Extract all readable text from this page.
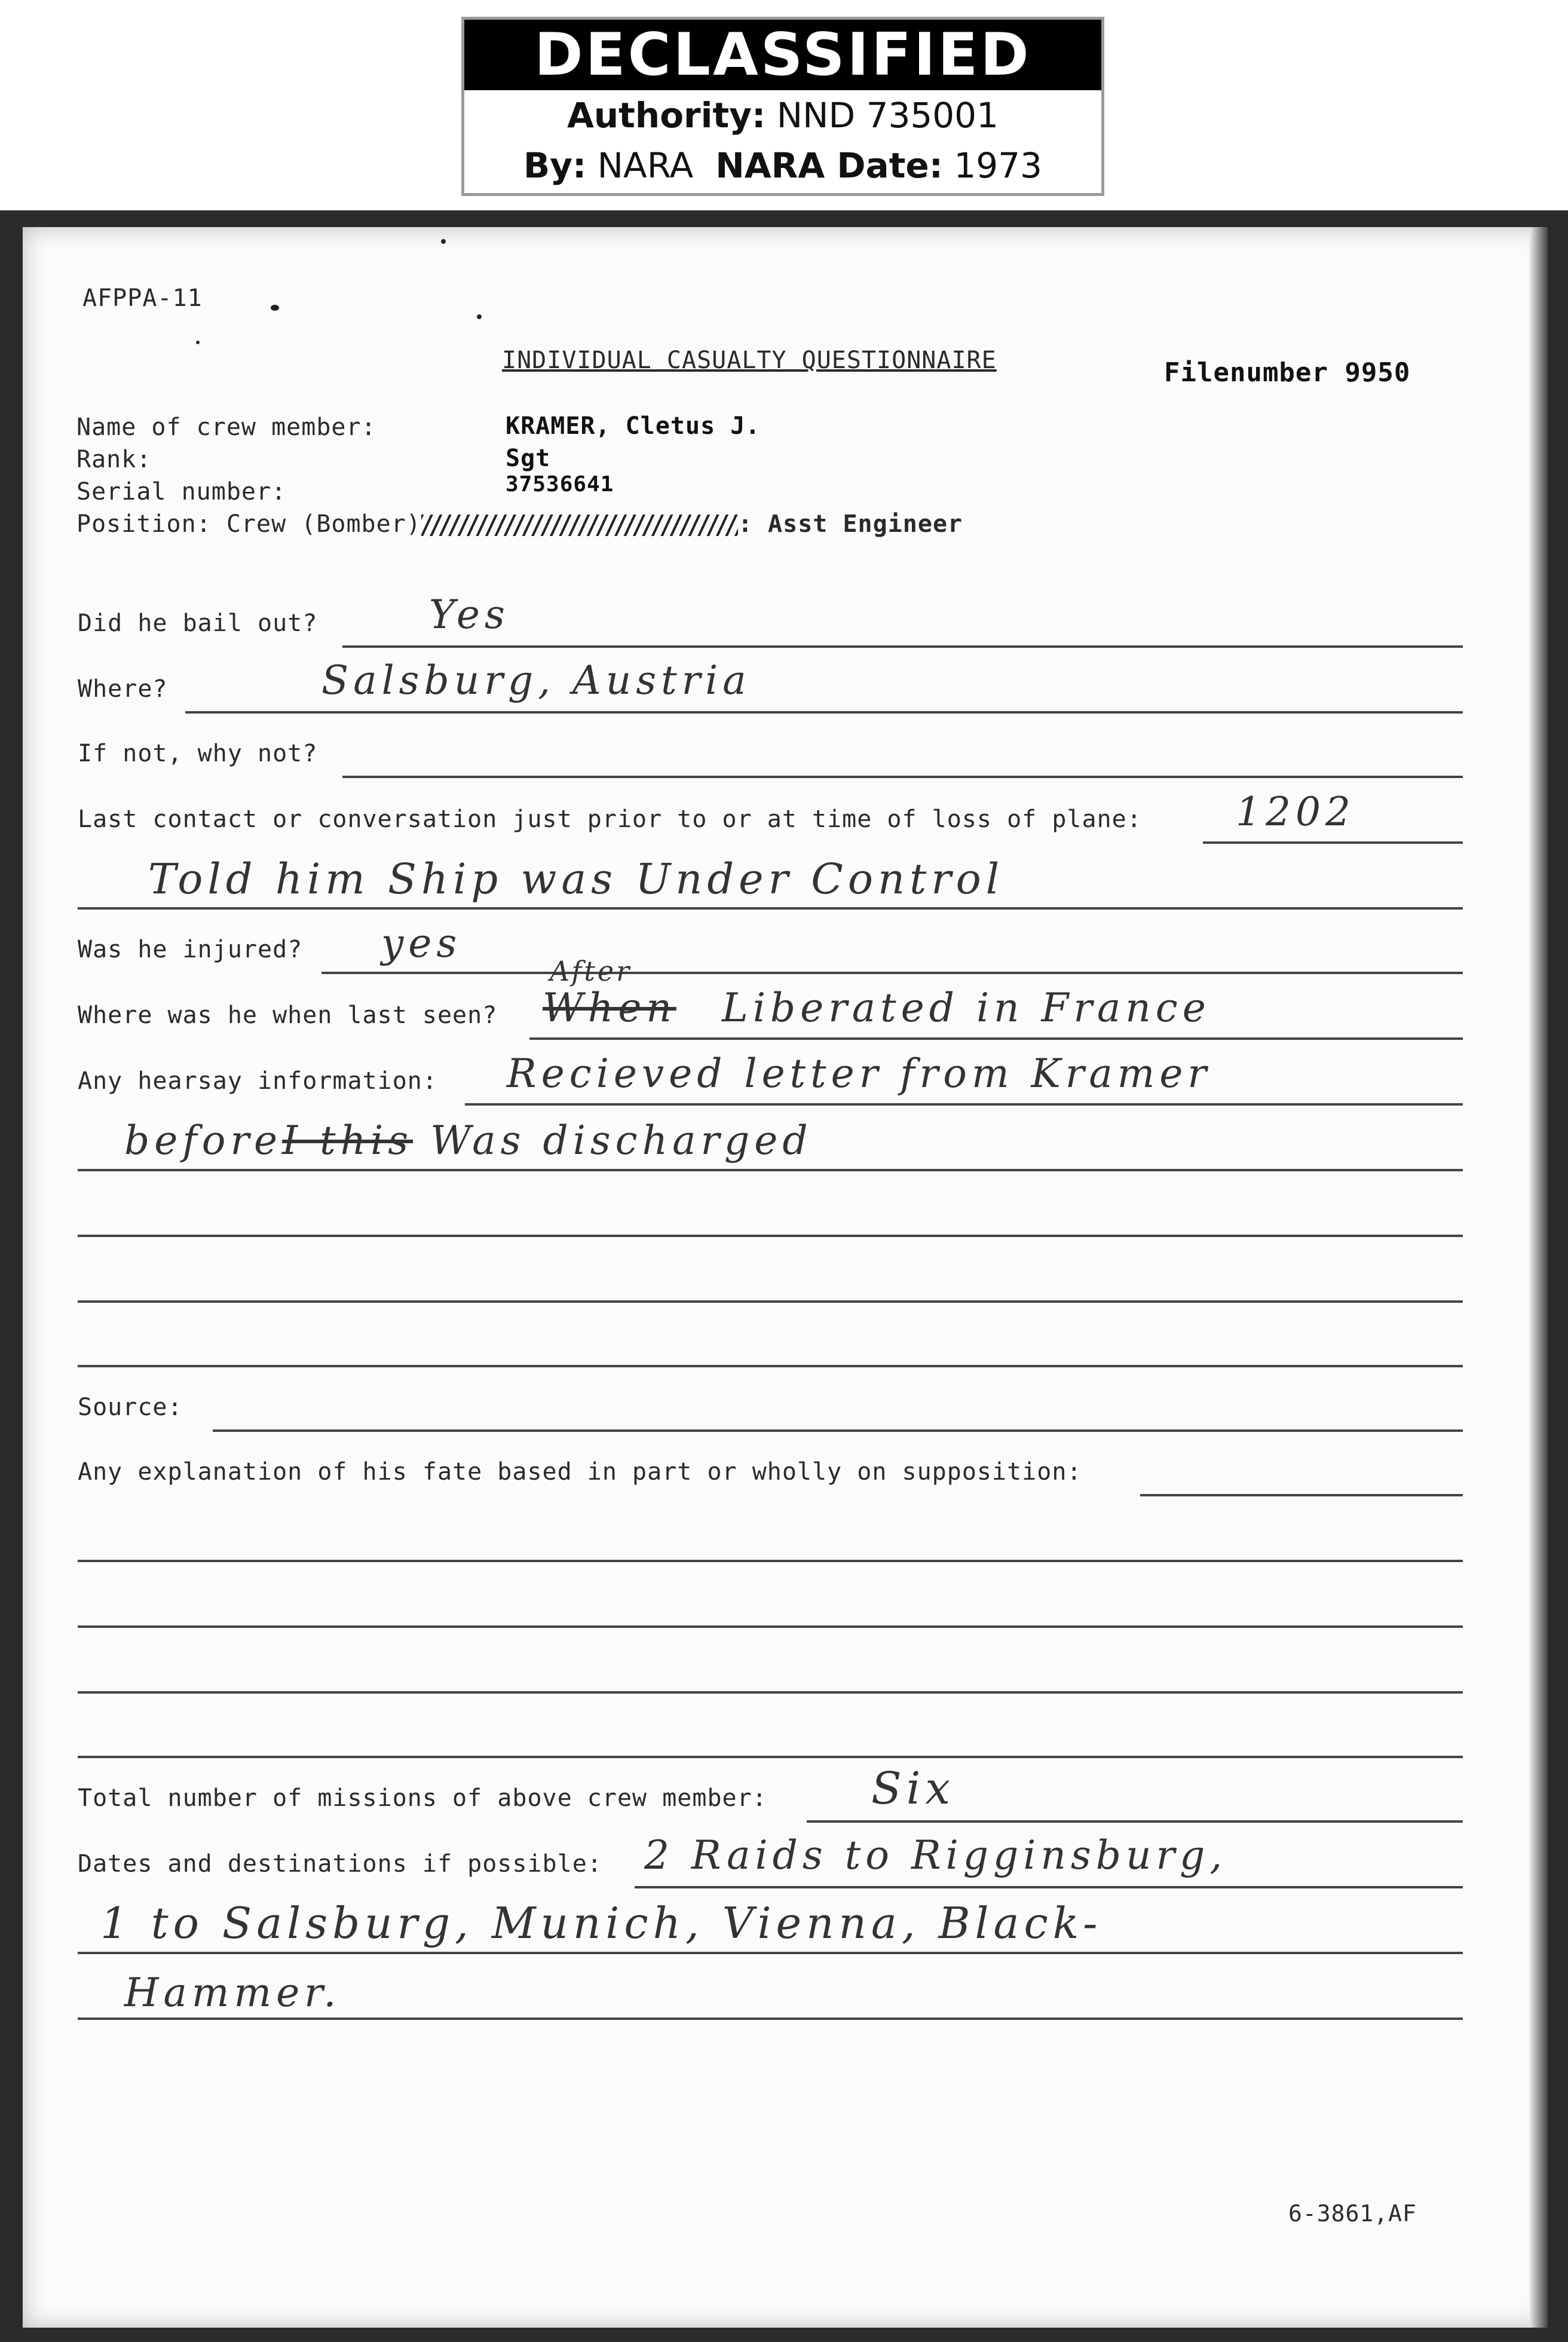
DECLASSIFIED
Authority: NND 735001
By: NARA NARA Date: 1973
AFPPA-11
INDIVIDUAL CASUALTY QUESTIONNAIRE	Filenumber 9950
Name of crew member:	KRAMER, Cletus J.
Rank:	Sgt
Serial number:	37536641
Position: Crew (Bomber)	: Asst Engineer
Did he bail out?	Yes
Where?	Salsburg, Austria
If not, why not?
Last contact or conversation just prior to or at time of loss of plane: 1202
Told him Ship was Under Control
Was he injured? yes
Where was he when last seen?
After
When Liberated in France
Any hearsay information: Recieved letter from Kramer
beforeI this Was discharged
Source:
Any explanation of his fate based in part or wholly on supposition:
Total number of missions of above crew member: Six
Dates and destinations if possible: 2 Raids to Rigginsburg,
1 to Salsburg, Munich, Vienna, Black-
Hammer.
6-3861,AF
